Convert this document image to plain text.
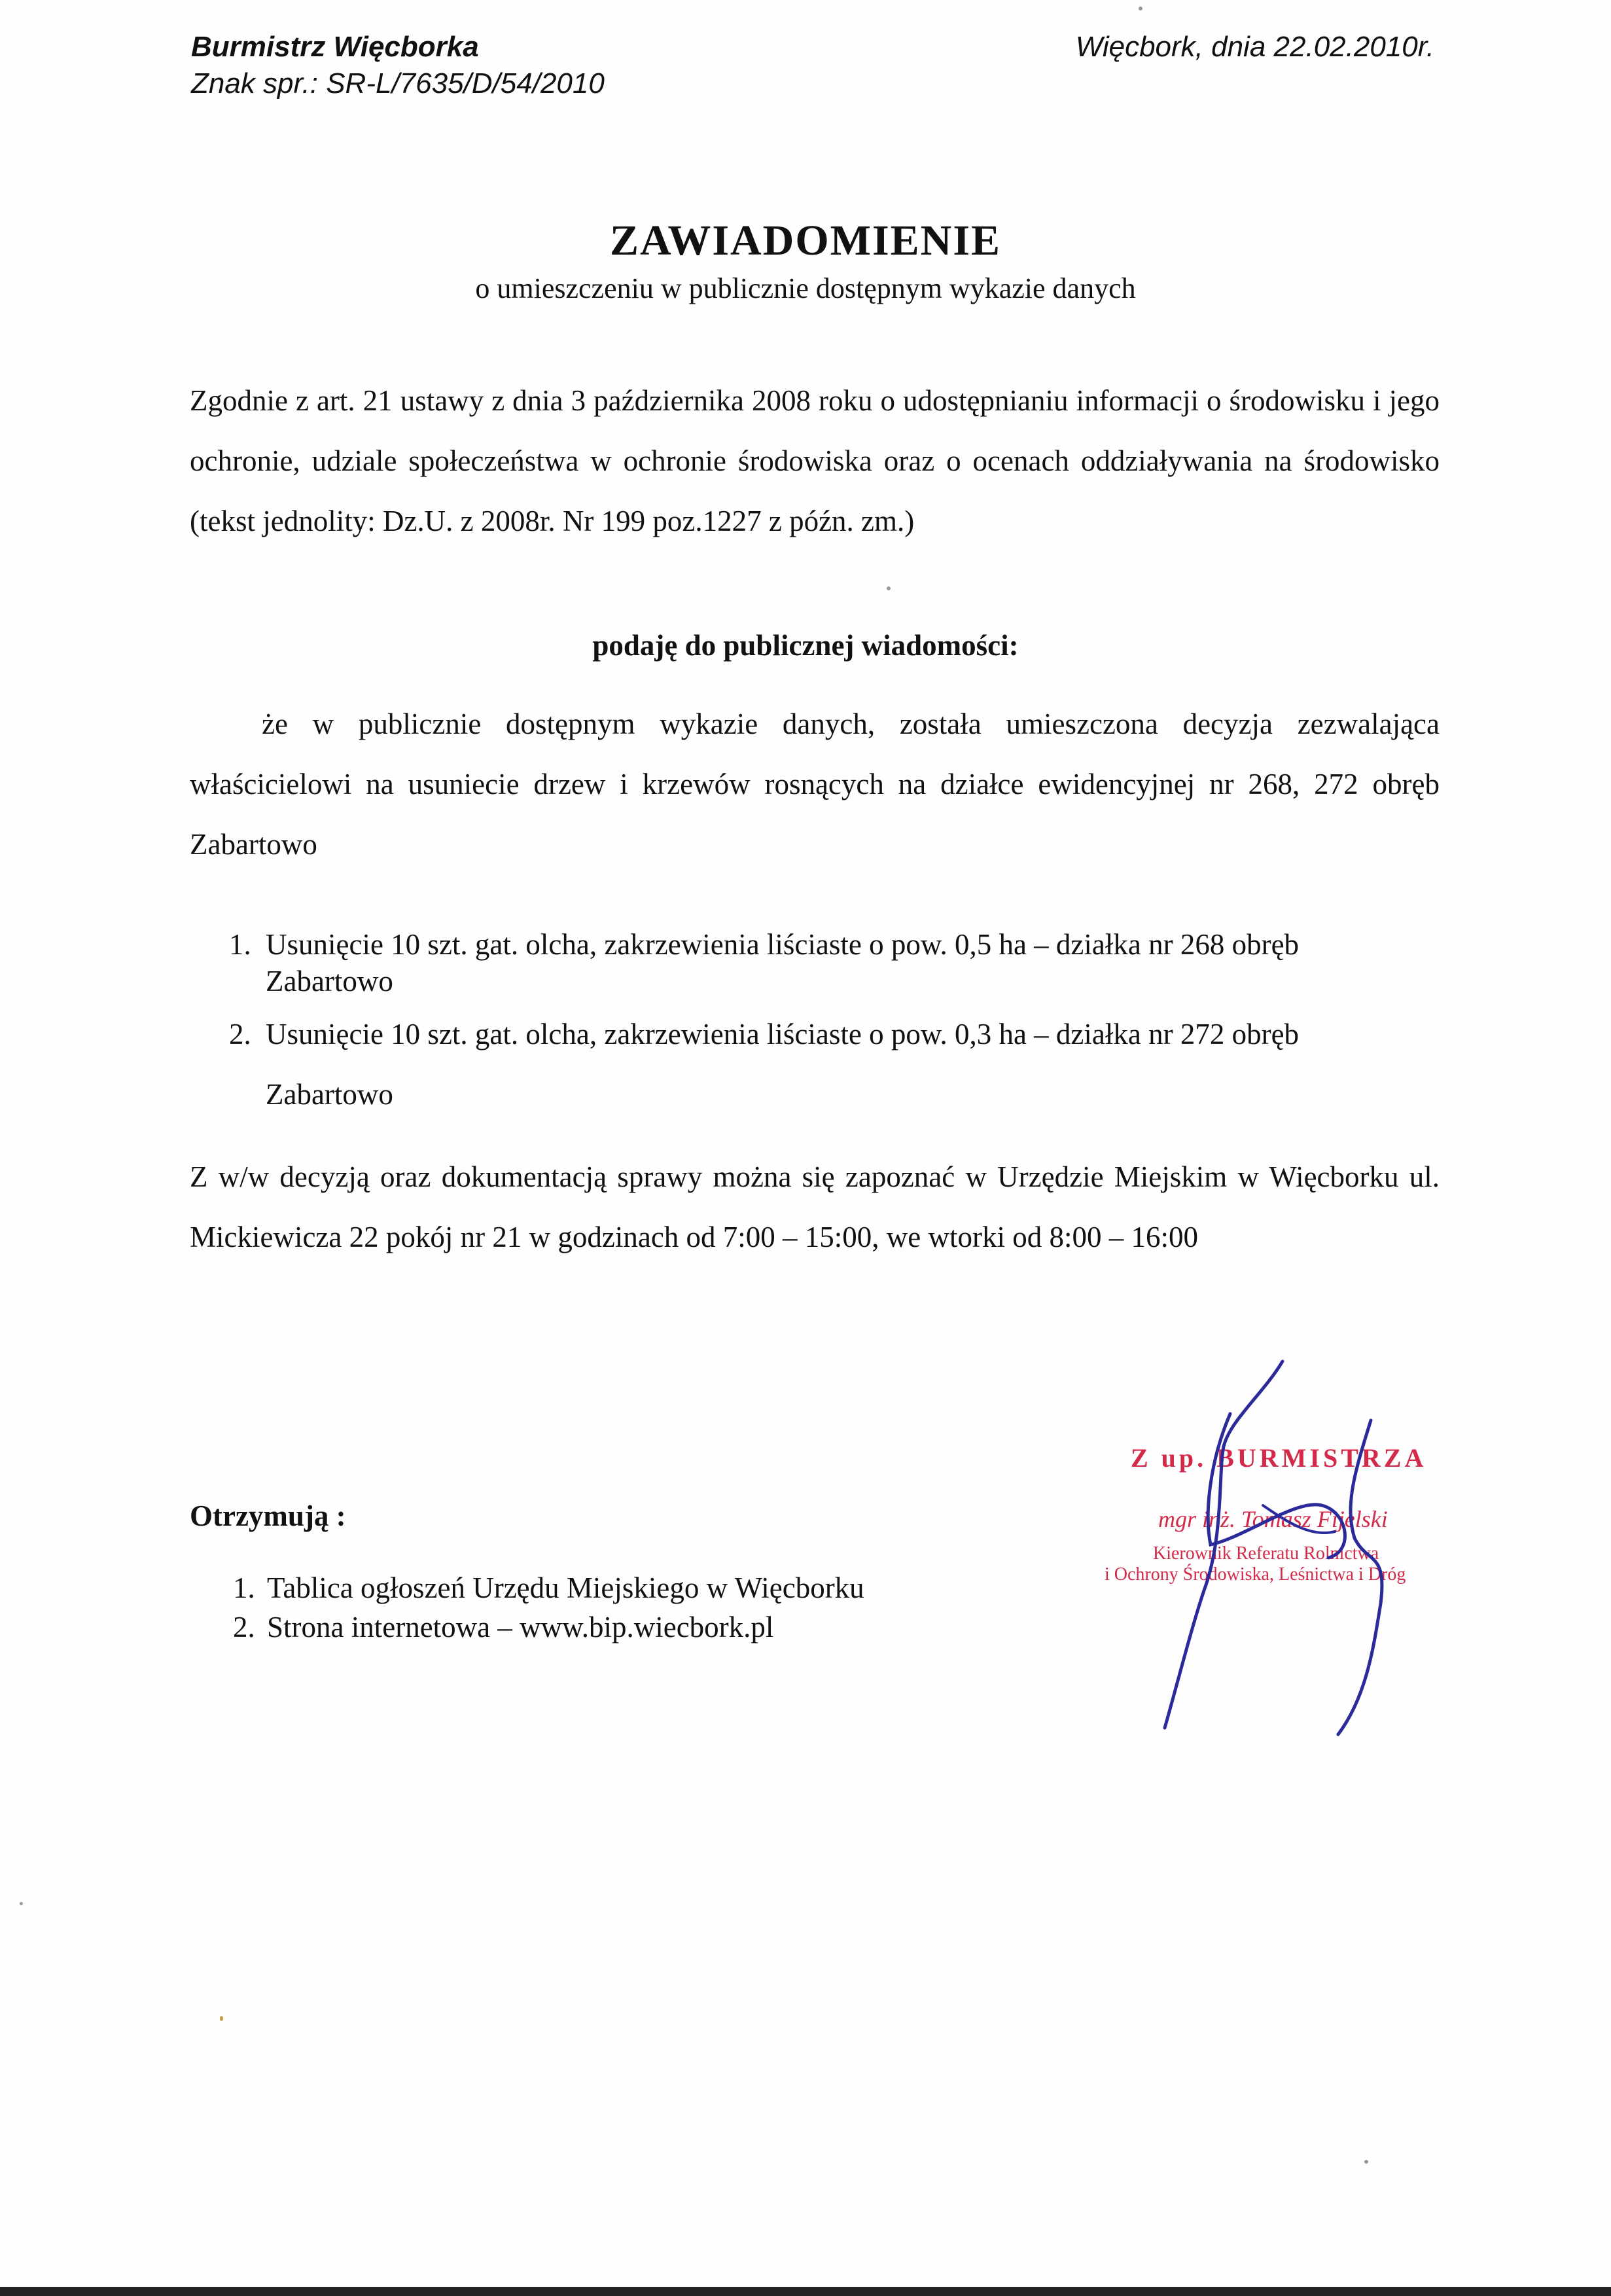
Burmistrz Więcborka
Znak spr.: SR-L/7635/D/54/2010
Więcbork, dnia 22.02.2010r.
ZAWIADOMIENIE
o umieszczeniu w publicznie dostępnym wykazie danych
Zgodnie z art. 21 ustawy z dnia 3 października 2008 roku o udostępnianiu informacji o środowisku i jego ochronie, udziale społeczeństwa w ochronie środowiska oraz o ocenach oddziaływania na środowisko (tekst jednolity: Dz.U. z 2008r. Nr 199 poz.1227 z późn. zm.)
podaję do publicznej wiadomości:
że w publicznie dostępnym wykazie danych, została umieszczona decyzja zezwalająca właścicielowi na usuniecie drzew i krzewów rosnących na działce ewidencyjnej nr 268, 272 obręb Zabartowo
1. Usunięcie 10 szt. gat. olcha, zakrzewienia liściaste o pow. 0,5 ha – działka nr 268 obręb
Zabartowo
2. Usunięcie 10 szt. gat. olcha, zakrzewienia liściaste o pow. 0,3 ha – działka nr 272 obręb
Zabartowo
Z w/w decyzją oraz dokumentacją sprawy można się zapoznać w Urzędzie Miejskim w Więcborku ul. Mickiewicza 22 pokój nr 21 w godzinach od 7:00 – 15:00, we wtorki od 8:00 – 16:00
Otrzymują :
1. Tablica ogłoszeń Urzędu Miejskiego w Więcborku
2. Strona internetowa – www.bip.wiecbork.pl
Z up. BURMISTRZA
mgr inż. Tomasz Fijelski
Kierownik Referatu Rolnictwa
i Ochrony Środowiska, Leśnictwa i Dróg
